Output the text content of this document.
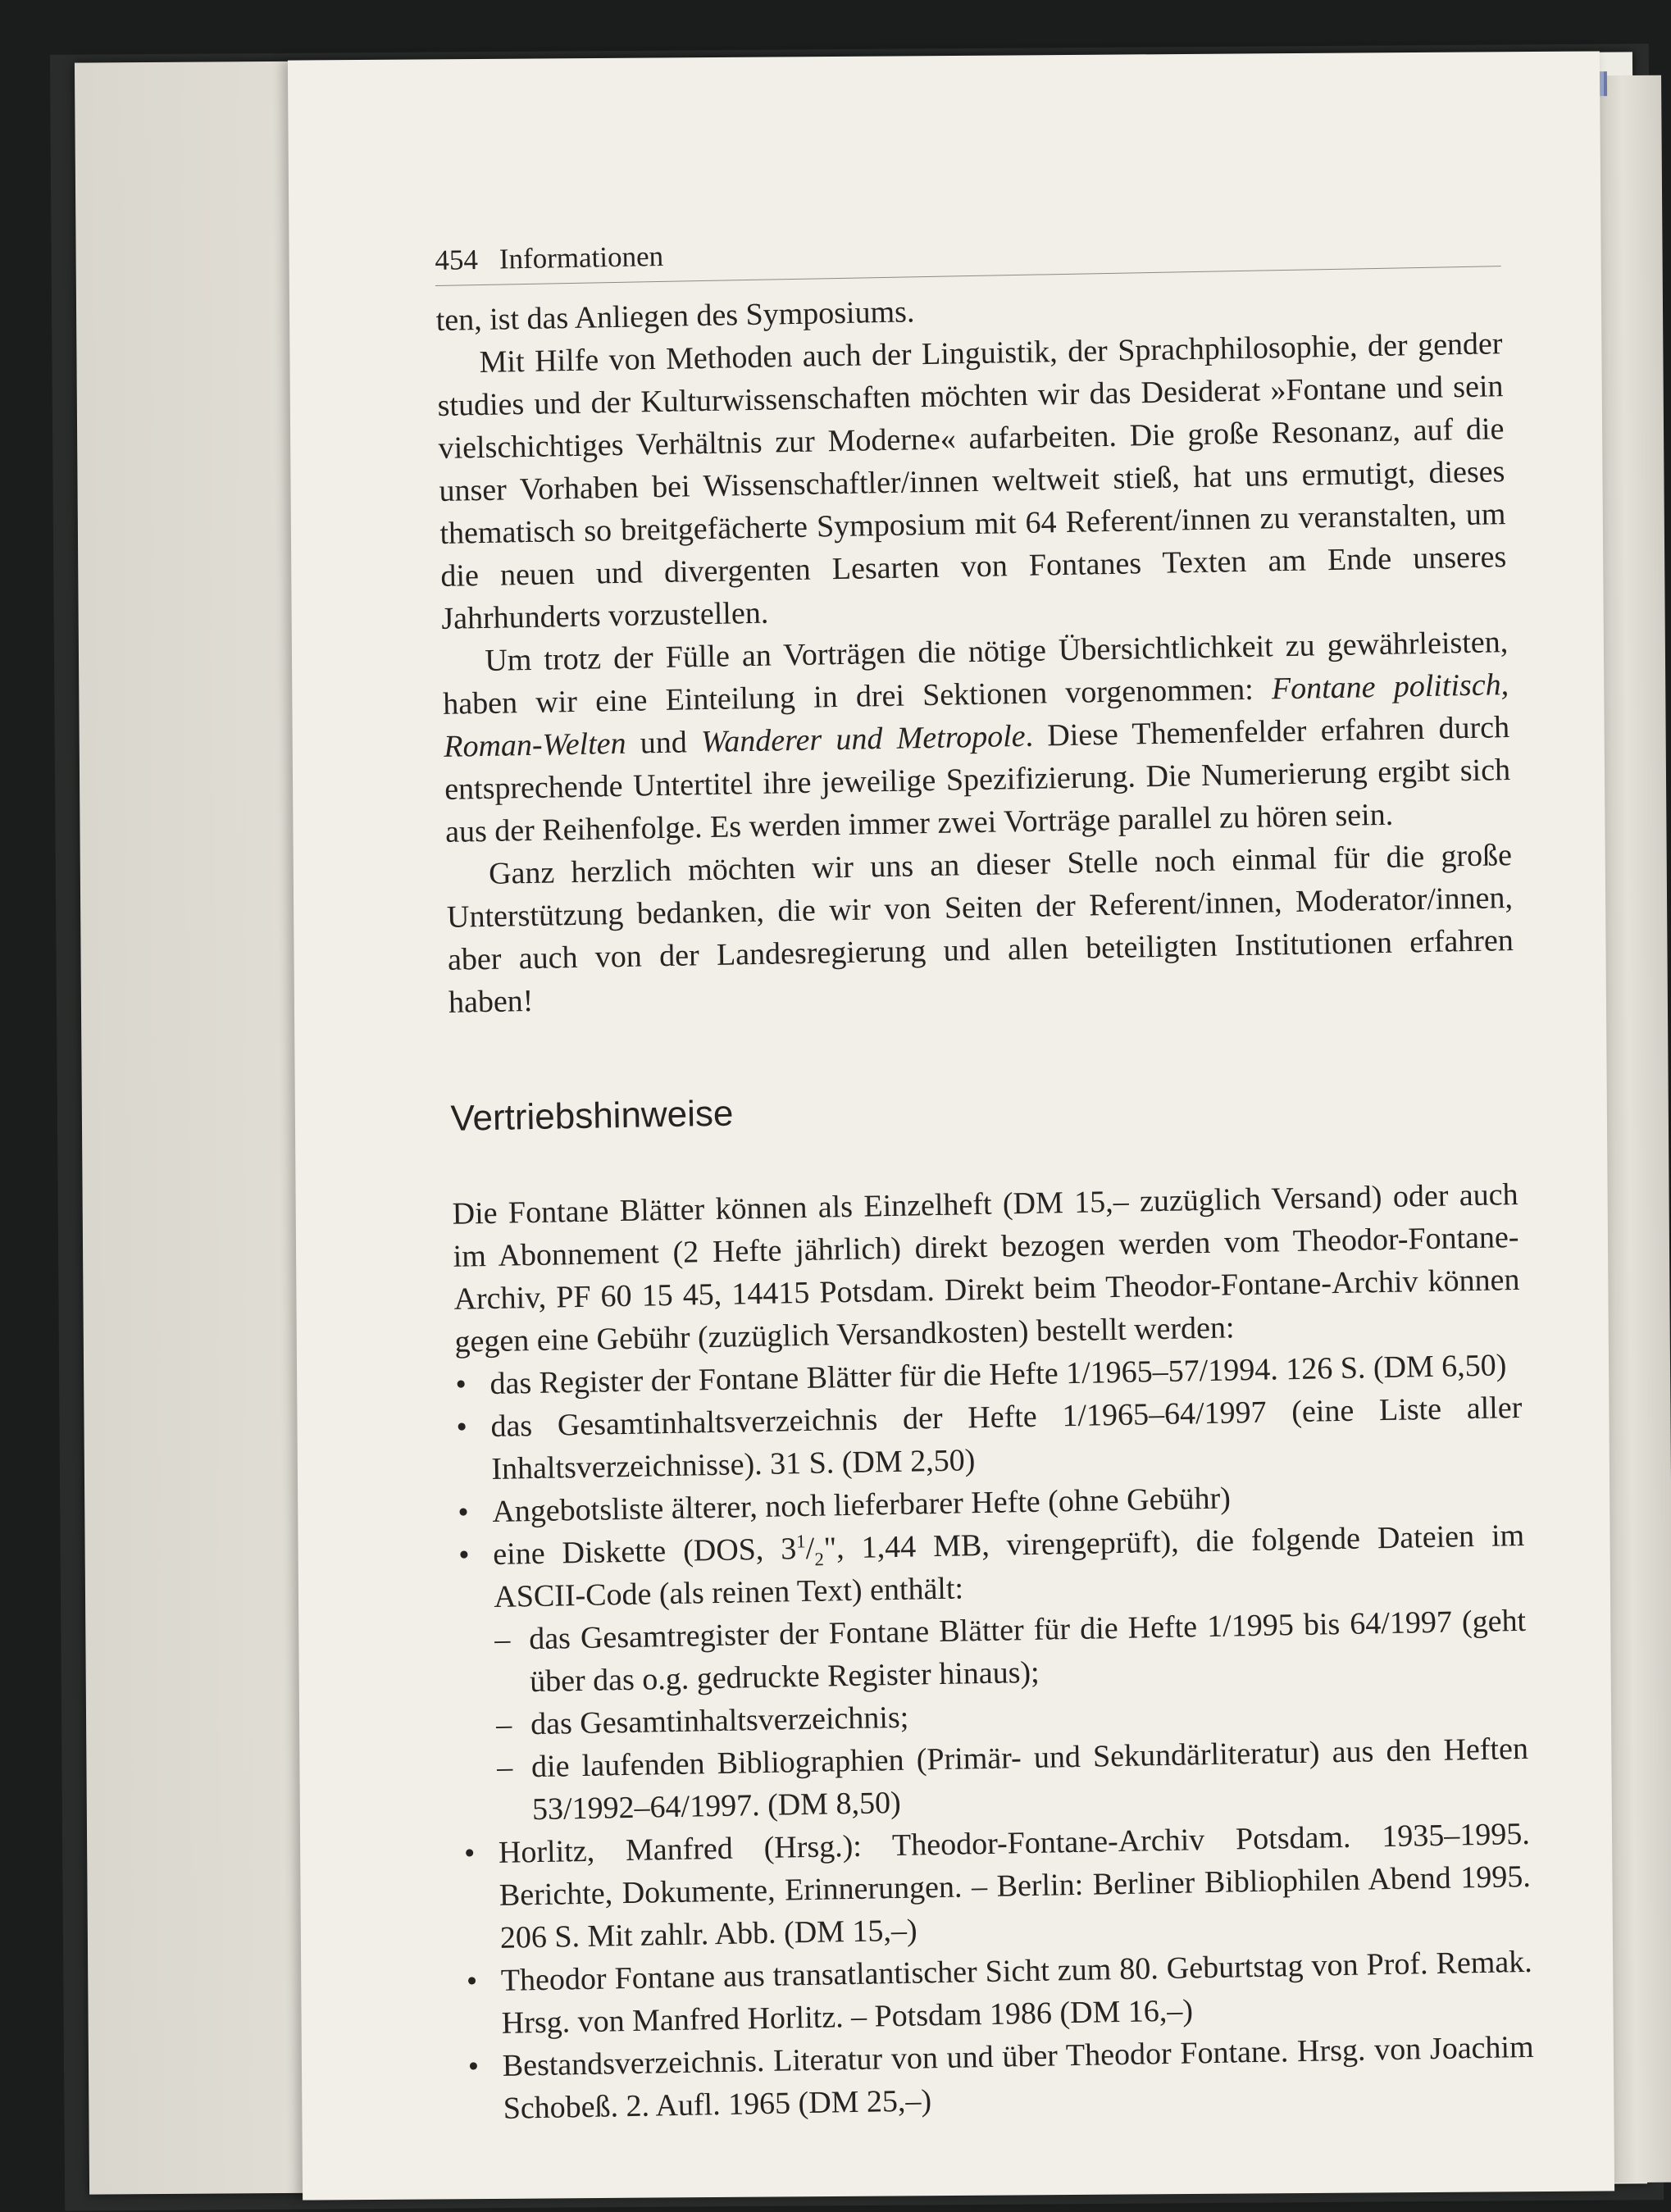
454 Informationen

ten, ist das Anliegen des Symposiums.

Mit Hilfe von Methoden auch der Linguistik, der Sprachphilosophie, der gender studies und der Kulturwissenschaften möchten wir das Desiderat »Fontane und sein vielschichtiges Verhältnis zur Moderne« aufarbeiten. Die große Resonanz, auf die unser Vorhaben bei Wissenschaftler/innen weltweit stieß, hat uns ermutigt, dieses thematisch so breitgefächerte Symposium mit 64 Referent/innen zu veranstalten, um die neuen und divergenten Lesarten von Fontanes Texten am Ende unseres Jahrhunderts vorzustellen.

Um trotz der Fülle an Vorträgen die nötige Übersichtlichkeit zu gewährleisten, haben wir eine Einteilung in drei Sektionen vorgenommen: Fontane politisch, Roman-Welten und Wanderer und Metropole. Diese Themenfelder erfahren durch entsprechende Untertitel ihre jeweilige Spezifizierung. Die Numerierung ergibt sich aus der Reihenfolge. Es werden immer zwei Vorträge parallel zu hören sein.

Ganz herzlich möchten wir uns an dieser Stelle noch einmal für die große Unterstützung bedanken, die wir von Seiten der Referent/innen, Moderator/innen, aber auch von der Landesregierung und allen beteiligten Institutionen erfahren haben!

Vertriebshinweise

Die Fontane Blätter können als Einzelheft (DM 15,– zuzüglich Versand) oder auch im Abonnement (2 Hefte jährlich) direkt bezogen werden vom Theodor-Fontane-Archiv, PF 60 15 45, 14415 Potsdam. Direkt beim Theodor-Fontane-Archiv können gegen eine Gebühr (zuzüglich Versandkosten) bestellt werden:

• das Register der Fontane Blätter für die Hefte 1/1965–57/1994. 126 S. (DM 6,50)
• das Gesamtinhaltsverzeichnis der Hefte 1/1965–64/1997 (eine Liste aller Inhaltsverzeichnisse). 31 S. (DM 2,50)
• Angebotsliste älterer, noch lieferbarer Hefte (ohne Gebühr)
• eine Diskette (DOS, $3^1/_2$", 1,44 MB, virengeprüft), die folgende Dateien im ASCII-Code (als reinen Text) enthält:
– das Gesamtregister der Fontane Blätter für die Hefte 1/1995 bis 64/1997 (geht über das o.g. gedruckte Register hinaus);
– das Gesamtinhaltsverzeichnis;
– die laufenden Bibliographien (Primär- und Sekundärliteratur) aus den Heften 53/1992–64/1997. (DM 8,50)
• Horlitz, Manfred (Hrsg.): Theodor-Fontane-Archiv Potsdam. 1935–1995. Berichte, Dokumente, Erinnerungen. – Berlin: Berliner Bibliophilen Abend 1995. 206 S. Mit zahlr. Abb. (DM 15,–)
• Theodor Fontane aus transatlantischer Sicht zum 80. Geburtstag von Prof. Remak. Hrsg. von Manfred Horlitz. – Potsdam 1986 (DM 16,–)
• Bestandsverzeichnis. Literatur von und über Theodor Fontane. Hrsg. von Joachim Schobeß. 2. Aufl. 1965 (DM 25,–)
